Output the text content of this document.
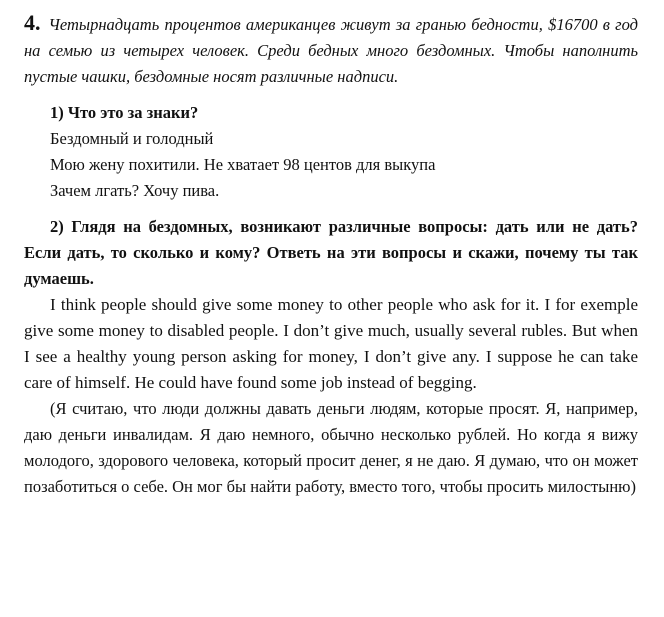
4. Четырнадцать процентов американцев живут за гранью бедности, $16700 в год на семью из четырех человек. Среди бедных много бездомных. Чтобы наполнить пустые чашки, бездомные носят различные надписи.
1) Что это за знаки?
Бездомный и голодный
Мою жену похитили. Не хватает 98 центов для выкупа
Зачем лгать? Хочу пива.
2) Глядя на бездомных, возникают различные вопросы: дать или не дать? Если дать, то сколько и кому? Ответь на эти вопросы и скажи, почему ты так думаешь.
I think people should give some money to other people who ask for it. I for exemple give some money to disabled people. I don’t give much, usually several rubles. But when I see a healthy young person asking for money, I don’t give any. I suppose he can take care of himself. He could have found some job instead of begging.
(Я считаю, что люди должны давать деньги людям, которые просят. Я, например, даю деньги инвалидам. Я даю немного, обычно несколько рублей. Но когда я вижу молодого, здорового человека, который просит денег, я не даю. Я думаю, что он может позаботиться о себе. Он мог бы найти работу, вместо того, чтобы просить милостыню)
